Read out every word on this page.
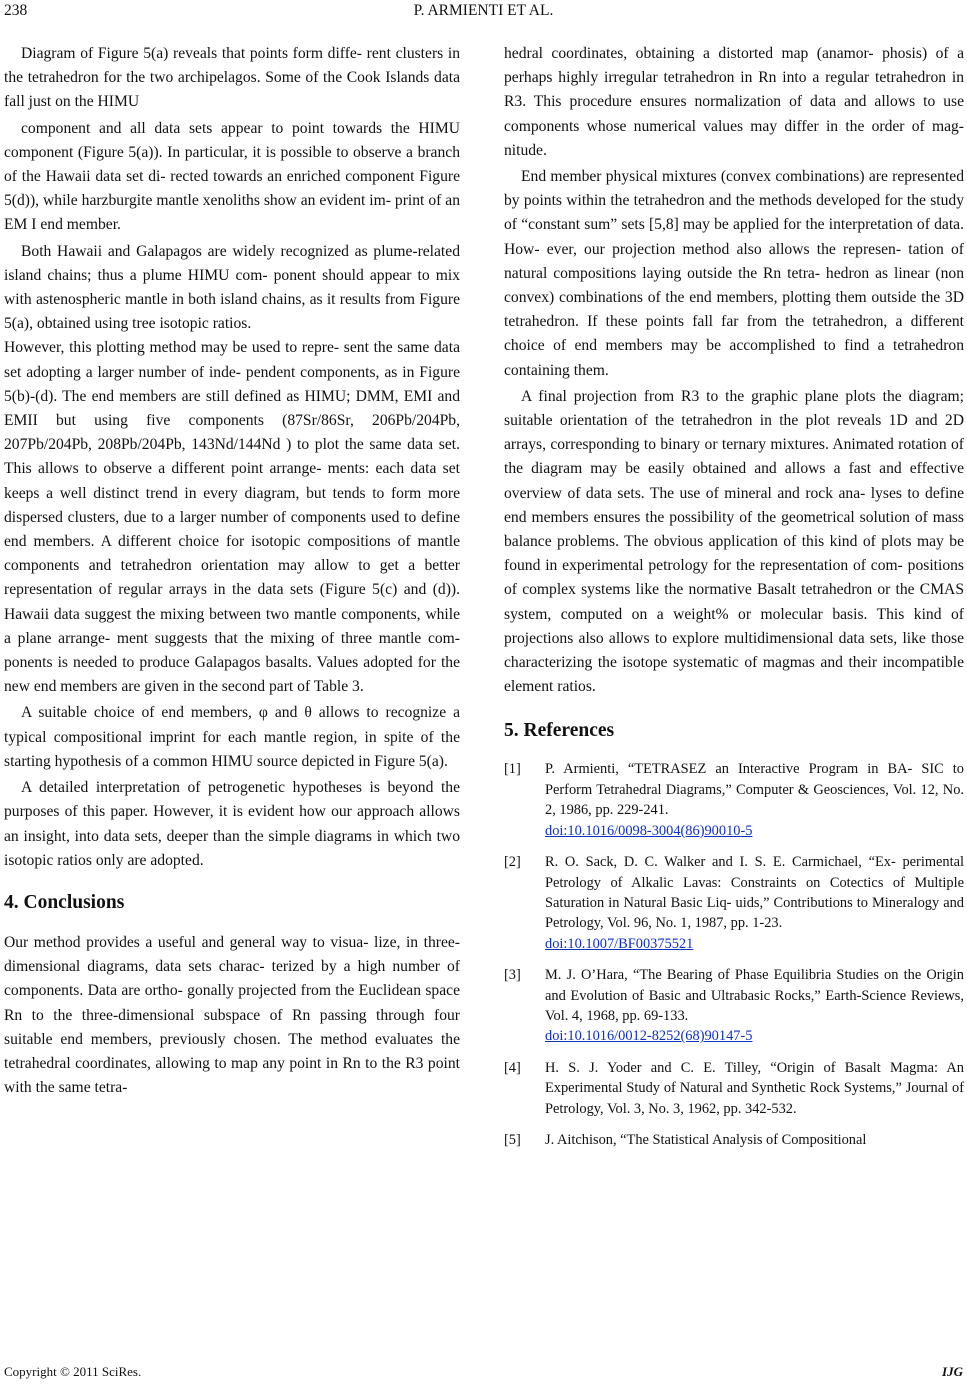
238	P. ARMIENTI ET AL.

Diagram of Figure 5(a) reveals that points form diffe- rent clusters in the tetrahedron for the two archipelagos. Some of the Cook Islands data fall just on the HIMU

component and all data sets appear to point towards the HIMU component (Figure 5(a)). In particular, it is possible to observe a branch of the Hawaii data set di- rected towards an enriched component Figure 5(d)), while harzburgite mantle xenoliths show an evident im- print of an EM I end member.

Both Hawaii and Galapagos are widely recognized as plume-related island chains; thus a plume HIMU com- ponent should appear to mix with astenospheric mantle in both island chains, as it results from Figure 5(a), obtained using tree isotopic ratios.

However, this plotting method may be used to repre- sent the same data set adopting a larger number of inde- pendent components, as in Figure 5(b)-(d). The end members are still defined as HIMU; DMM, EMI and EMII but using five components (87Sr/86Sr, 206Pb/204Pb, 207Pb/204Pb, 208Pb/204Pb, 143Nd/144Nd ) to plot the same data set. This allows to observe a different point arrange- ments: each data set keeps a well distinct trend in every diagram, but tends to form more dispersed clusters, due to a larger number of components used to define end members. A different choice for isotopic compositions of mantle components and tetrahedron orientation may allow to get a better representation of regular arrays in the data sets (Figure 5(c) and (d)). Hawaii data suggest the mixing between two mantle components, while a plane arrange- ment suggests that the mixing of three mantle com- ponents is needed to produce Galapagos basalts. Values adopted for the new end members are given in the second part of Table 3.

A suitable choice of end members, φ and θ allows to recognize a typical compositional imprint for each mantle region, in spite of the starting hypothesis of a common HIMU source depicted in Figure 5(a).

A detailed interpretation of petrogenetic hypotheses is beyond the purposes of this paper. However, it is evident how our approach allows an insight, into data sets, deeper than the simple diagrams in which two isotopic ratios only are adopted.

4. Conclusions

Our method provides a useful and general way to visua- lize, in three-dimensional diagrams, data sets charac- terized by a high number of components. Data are ortho- gonally projected from the Euclidean space Rn to the three-dimensional subspace of Rn passing through four suitable end members, previously chosen. The method evaluates the tetrahedral coordinates, allowing to map any point in Rn to the R3 point with the same tetra-

hedral coordinates, obtaining a distorted map (anamor- phosis) of a perhaps highly irregular tetrahedron in Rn into a regular tetrahedron in R3. This procedure ensures normalization of data and allows to use components whose numerical values may differ in the order of mag- nitude.

End member physical mixtures (convex combinations) are represented by points within the tetrahedron and the methods developed for the study of “constant sum” sets [5,8] may be applied for the interpretation of data. How- ever, our projection method also allows the represen- tation of natural compositions laying outside the Rn tetra- hedron as linear (non convex) combinations of the end members, plotting them outside the 3D tetrahedron. If these points fall far from the tetrahedron, a different choice of end members may be accomplished to find a tetrahedron containing them.

A final projection from R3 to the graphic plane plots the diagram; suitable orientation of the tetrahedron in the plot reveals 1D and 2D arrays, corresponding to binary or ternary mixtures. Animated rotation of the diagram may be easily obtained and allows a fast and effective overview of data sets. The use of mineral and rock ana- lyses to define end members ensures the possibility of the geometrical solution of mass balance problems. The obvious application of this kind of plots may be found in experimental petrology for the representation of com- positions of complex systems like the normative Basalt tetrahedron or the CMAS system, computed on a weight% or molecular basis. This kind of projections also allows to explore multidimensional data sets, like those characterizing the isotope systematic of magmas and their incompatible element ratios.

5. References
[1] P. Armienti, “TETRASEZ an Interactive Program in BA- SIC to Perform Tetrahedral Diagrams,” Computer & Geosciences, Vol. 12, No. 2, 1986, pp. 229-241.
doi:10.1016/0098-3004(86)90010-5
[2] R. O. Sack, D. C. Walker and I. S. E. Carmichael, “Ex- perimental Petrology of Alkalic Lavas: Constraints on Cotectics of Multiple Saturation in Natural Basic Liq- uids,” Contributions to Mineralogy and Petrology, Vol. 96, No. 1, 1987, pp. 1-23.
doi:10.1007/BF00375521
[3] M. J. O’Hara, “The Bearing of Phase Equilibria Studies on the Origin and Evolution of Basic and Ultrabasic Rocks,” Earth-Science Reviews, Vol. 4, 1968, pp. 69-133.
doi:10.1016/0012-8252(68)90147-5
[4] H. S. J. Yoder and C. E. Tilley, “Origin of Basalt Magma: An Experimental Study of Natural and Synthetic Rock Systems,” Journal of Petrology, Vol. 3, No. 3, 1962, pp. 342-532.
[5] J. Aitchison, “The Statistical Analysis of Compositional
Copyright © 2011 SciRes.	IJG
